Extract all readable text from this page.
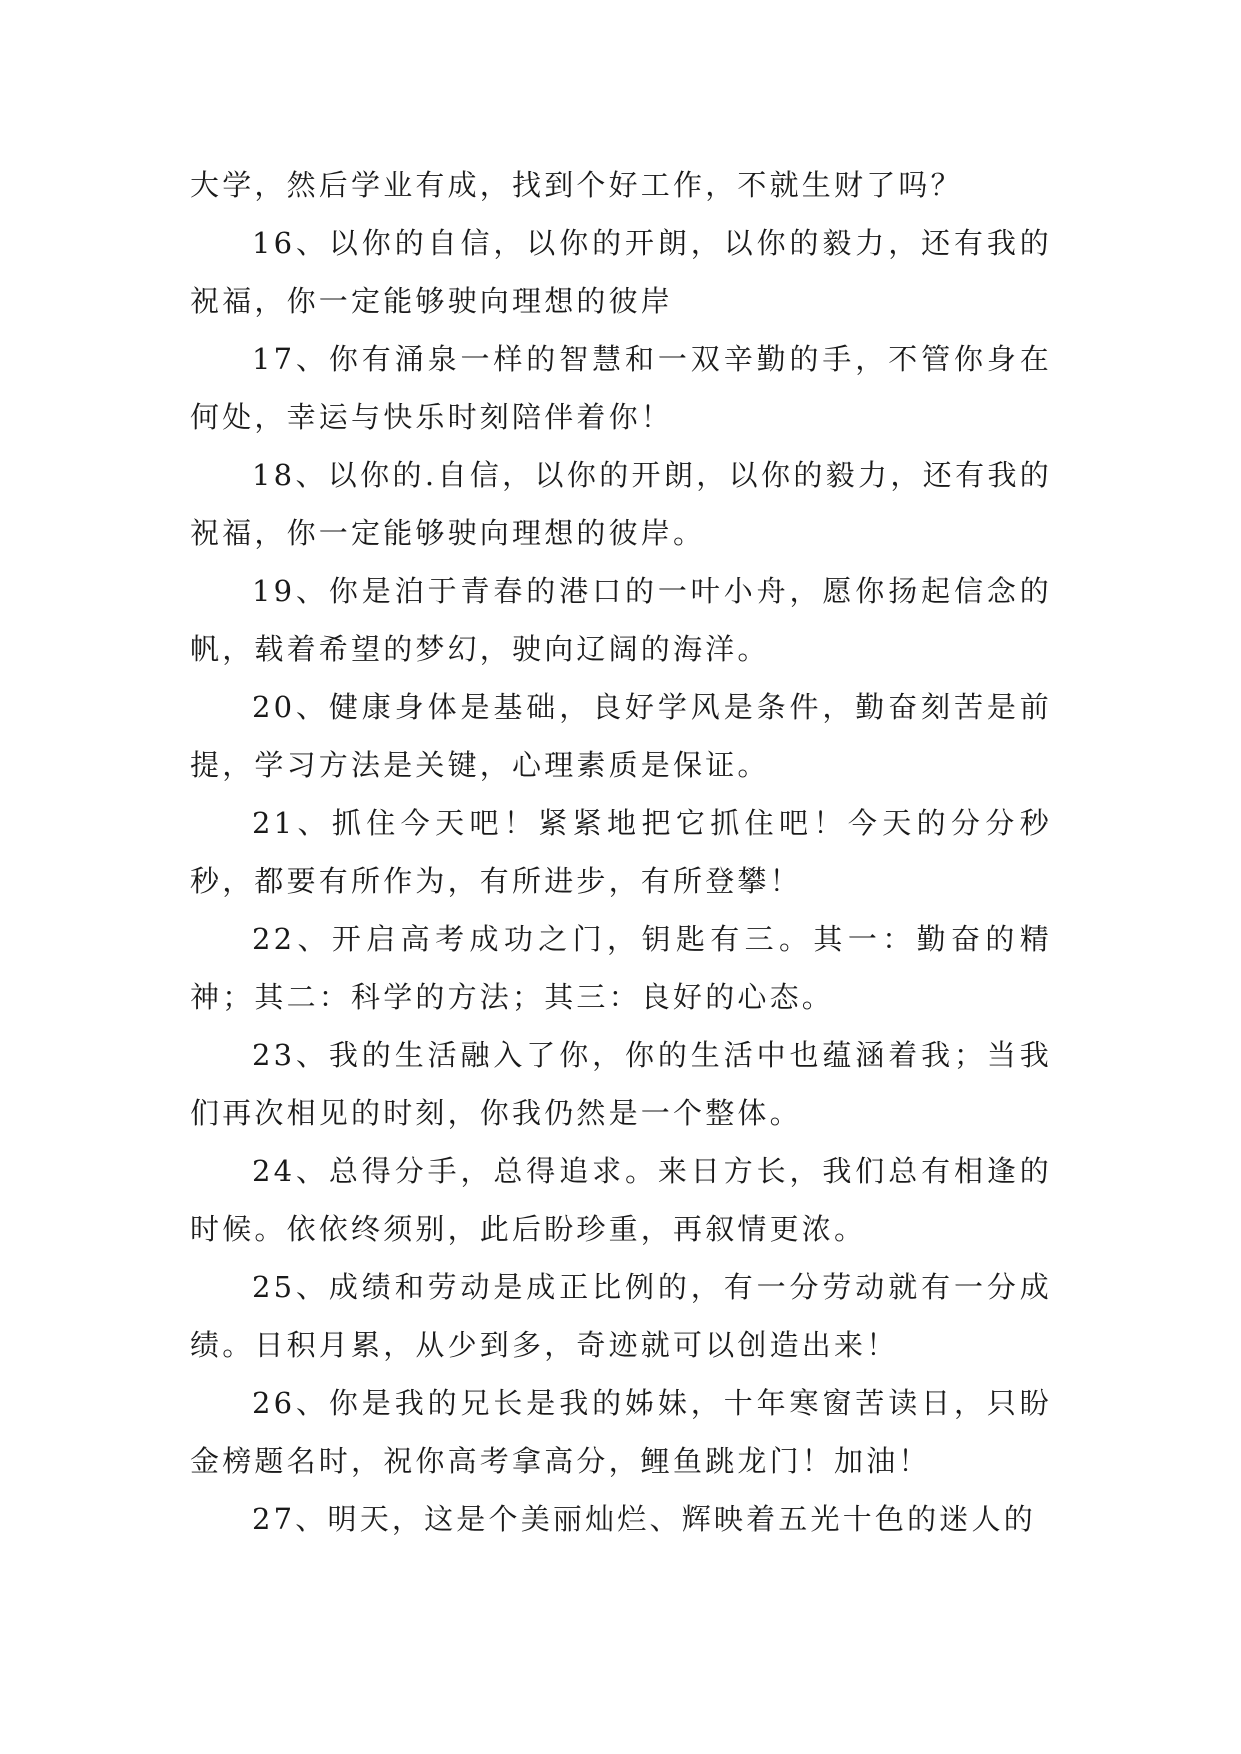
大学，然后学业有成，找到个好工作，不就生财了吗？

16、以你的自信，以你的开朗，以你的毅力，还有我的祝福，你一定能够驶向理想的彼岸

17、你有涌泉一样的智慧和一双辛勤的手，不管你身在何处，幸运与快乐时刻陪伴着你！

18、以你的.自信，以你的开朗，以你的毅力，还有我的祝福，你一定能够驶向理想的彼岸。

19、你是泊于青春的港口的一叶小舟，愿你扬起信念的帆，载着希望的梦幻，驶向辽阔的海洋。

20、健康身体是基础，良好学风是条件，勤奋刻苦是前提，学习方法是关键，心理素质是保证。

21、抓住今天吧！紧紧地把它抓住吧！今天的分分秒秒，都要有所作为，有所进步，有所登攀！

22、开启高考成功之门，钥匙有三。其一：勤奋的精神；其二：科学的方法；其三：良好的心态。

23、我的生活融入了你，你的生活中也蕴涵着我；当我们再次相见的时刻，你我仍然是一个整体。

24、总得分手，总得追求。来日方长，我们总有相逢的时候。依依终须别，此后盼珍重，再叙情更浓。

25、成绩和劳动是成正比例的，有一分劳动就有一分成绩。日积月累，从少到多，奇迹就可以创造出来！

26、你是我的兄长是我的姊妹，十年寒窗苦读日，只盼金榜题名时，祝你高考拿高分，鲤鱼跳龙门！加油！

27、明天，这是个美丽灿烂、辉映着五光十色的迷人的
